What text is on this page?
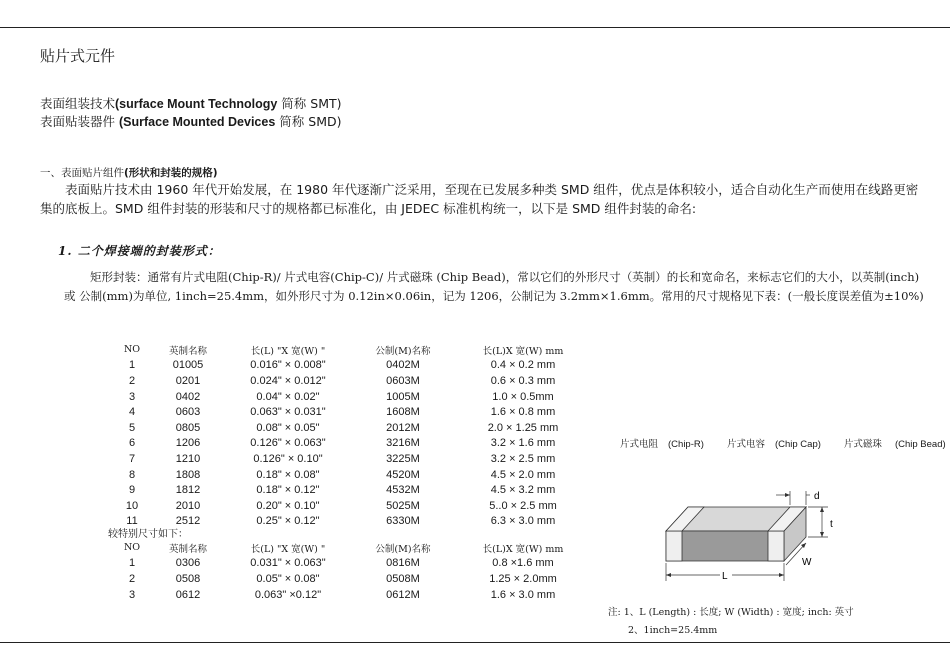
贴片式元件
表面组装技术(surface Mount Technology 简称 SMT)
表面贴装器件 (Surface Mounted Devices 简称 SMD)
一、表面贴片组件(形状和封装的规格)
表面贴片技术由 1960 年代开始发展，在 1980 年代逐渐广泛采用，至现在已发展多种类 SMD 组件，优点是体积较小，适合自动化生产而使用在线路更密集的底板上。SMD 组件封装的形装和尺寸的规格都已标准化，由 JEDEC 标准机构统一，以下是 SMD 组件封装的命名:
1. 二个焊接端的封装形式：
矩形封装：通常有片式电阻(Chip-R)/ 片式电容(Chip-C)/ 片式磁珠 (Chip Bead)，常以它们的外形尺寸（英制）的长和宽命名，来标志它们的大小，以英制(inch) 或 公制(mm)为单位, 1inch=25.4mm，如外形尺寸为 0.12in×0.06in，记为 1206，公制记为 3.2mm×1.6mm。常用的尺寸规格见下表：(一般长度误差值为±10%)
NO	英制名称	长(L) "X 宽(W) "	公制(M)名称	长(L)X 宽(W) mm
1	01005	0.016" × 0.008"	0402M	0.4 × 0.2 mm
2	0201	0.024" × 0.012"	0603M	0.6 × 0.3 mm
3	0402	0.04" × 0.02"	1005M	1.0 × 0.5mm
4	0603	0.063" × 0.031"	1608M	1.6 × 0.8 mm
5	0805	0.08" × 0.05"	2012M	2.0 × 1.25 mm
6	1206	0.126" × 0.063"	3216M	3.2 × 1.6 mm
7	1210	0.126" × 0.10"	3225M	3.2 × 2.5 mm
8	1808	0.18" × 0.08"	4520M	4.5 × 2.0 mm
9	1812	0.18" × 0.12"	4532M	4.5 × 3.2 mm
10	2010	0.20" × 0.10"	5025M	5..0 × 2.5 mm
11	2512	0.25" × 0.12"	6330M	6.3 × 3.0 mm
较特别尺寸如下：
NO	英制名称	长(L) "X 宽(W) "	公制(M)名称	长(L)X 宽(W) mm
1	0306	0.031" × 0.063"	0816M	0.8 ×1.6 mm
2	0508	0.05" × 0.08"	0508M	1.25 × 2.0mm
3	0612	0.063" ×0.12"	0612M	1.6 × 3.0 mm
片式电阻 (Chip-R) 片式电容 (Chip Cap) 片式磁珠 (Chip Bead)
d
t
W
L
注: 1、L (Length) : 长度; W (Width) : 宽度; inch: 英寸
2、1inch=25.4mm
